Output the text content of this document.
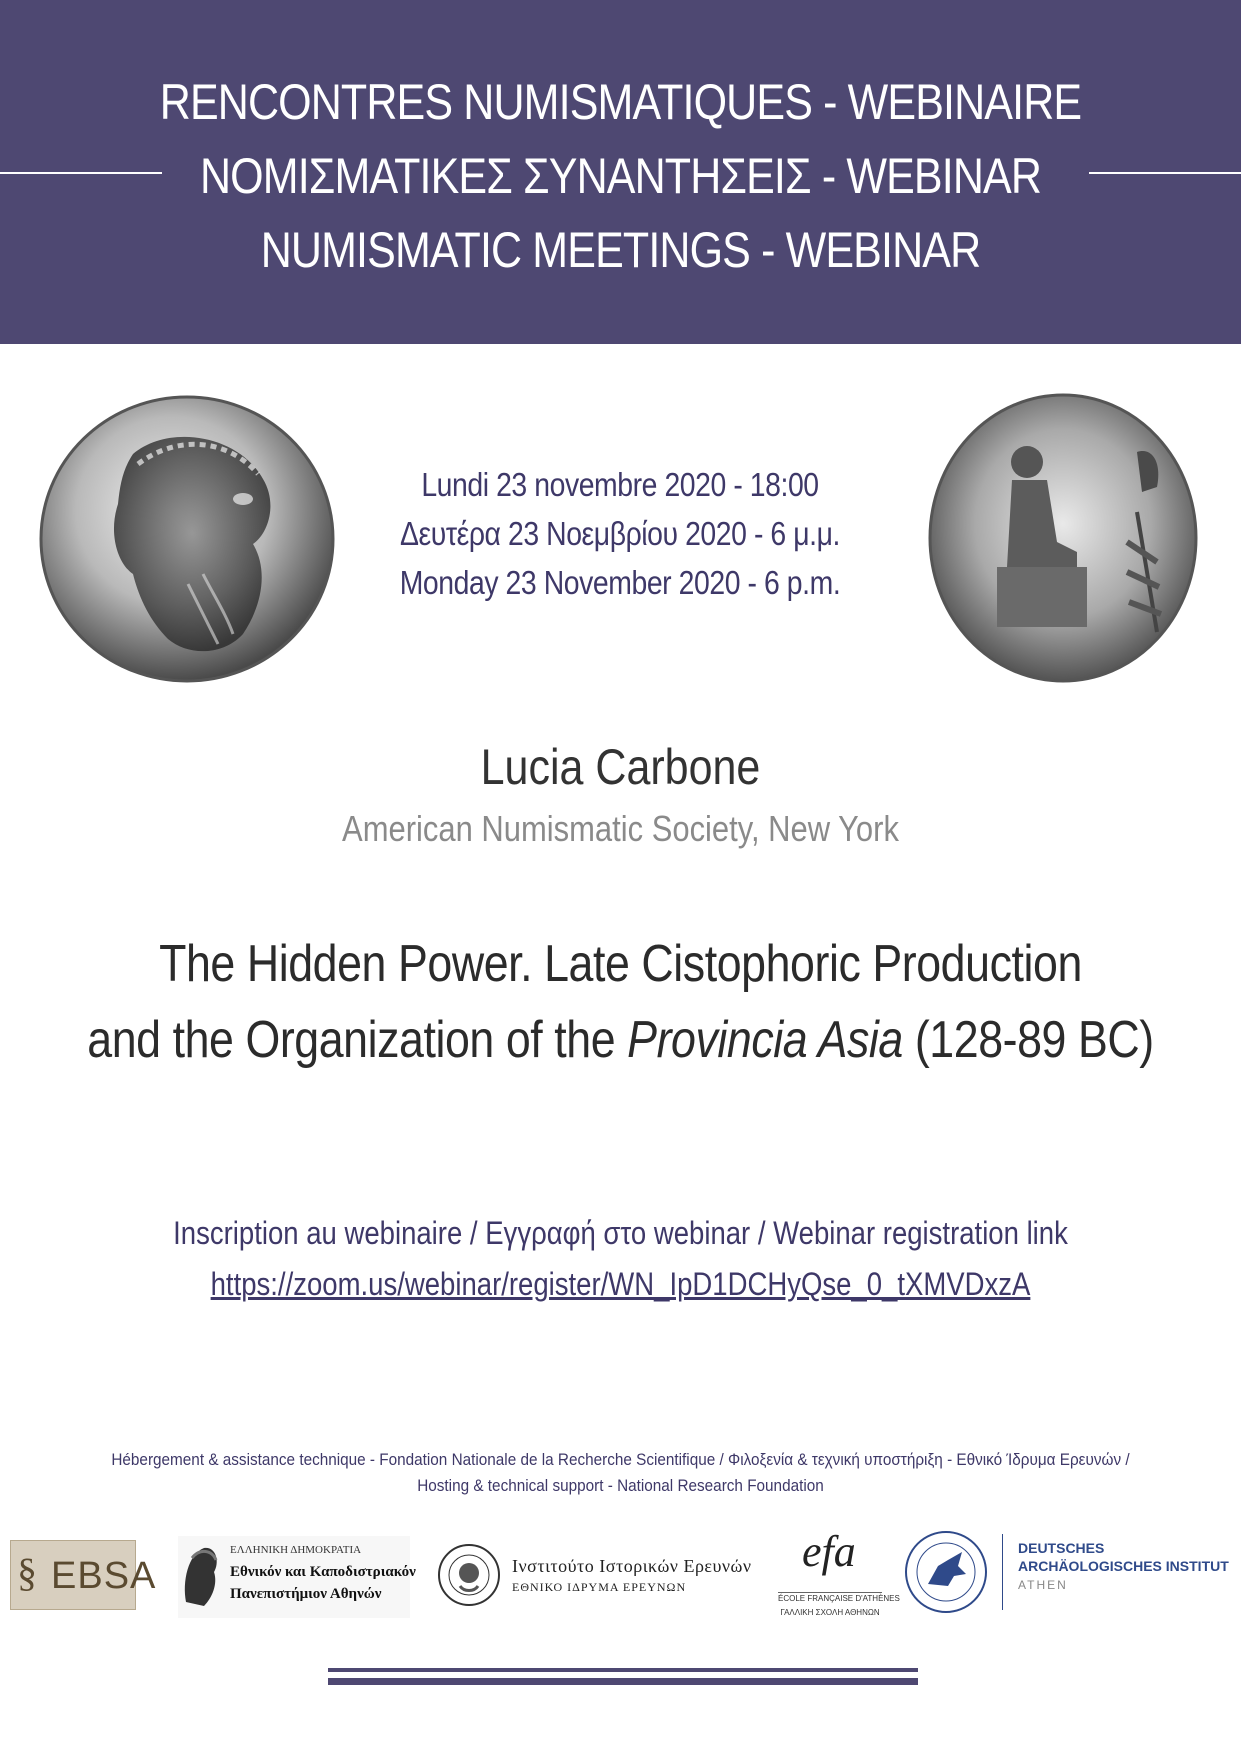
RENCONTRES NUMISMATIQUES - WEBINAIRE
ΝΟΜΙΣΜΑΤΙΚΕΣ ΣΥΝΑΝΤΗΣΕΙΣ - WEBINAR
NUMISMATIC MEETINGS - WEBINAR
Lundi 23 novembre 2020 - 18:00
Δευτέρα 23 Νοεμβρίου 2020 - 6 μ.μ.
Monday 23 November 2020 - 6 p.m.
Lucia Carbone
American Numismatic Society, New York
The Hidden Power. Late Cistophoric Production
and the Organization of the Provincia Asia (128-89 BC)
Inscription au webinaire / Εγγραφή στο webinar / Webinar registration link
https://zoom.us/webinar/register/WN_IpD1DCHyQse_0_tXMVDxzA
Hébergement & assistance technique - Fondation Nationale de la Recherche Scientifique / Φιλοξενία & τεχνική υποστήριξη - Εθνικό Ίδρυμα Ερευνών /
Hosting & technical support - National Research Foundation
§ EBSA
ΕΛΛΗΝΙΚΗ ΔΗΜΟΚΡΑΤΙΑ
Εθνικόν και Καποδιστριακόν
Πανεπιστήμιον Αθηνών
Ινστιτούτο Ιστορικών Ερευνών
ΕΘΝΙΚΟ ΙΔΡΥΜΑ ΕΡΕΥΝΩΝ
efa
ÉCOLE FRANÇAISE D'ATHÈNES
ΓΑΛΛΙΚΗ ΣΧΟΛΗ ΑΘΗΝΩΝ
DEUTSCHES
ARCHÄOLOGISCHES INSTITUT
ATHEN
